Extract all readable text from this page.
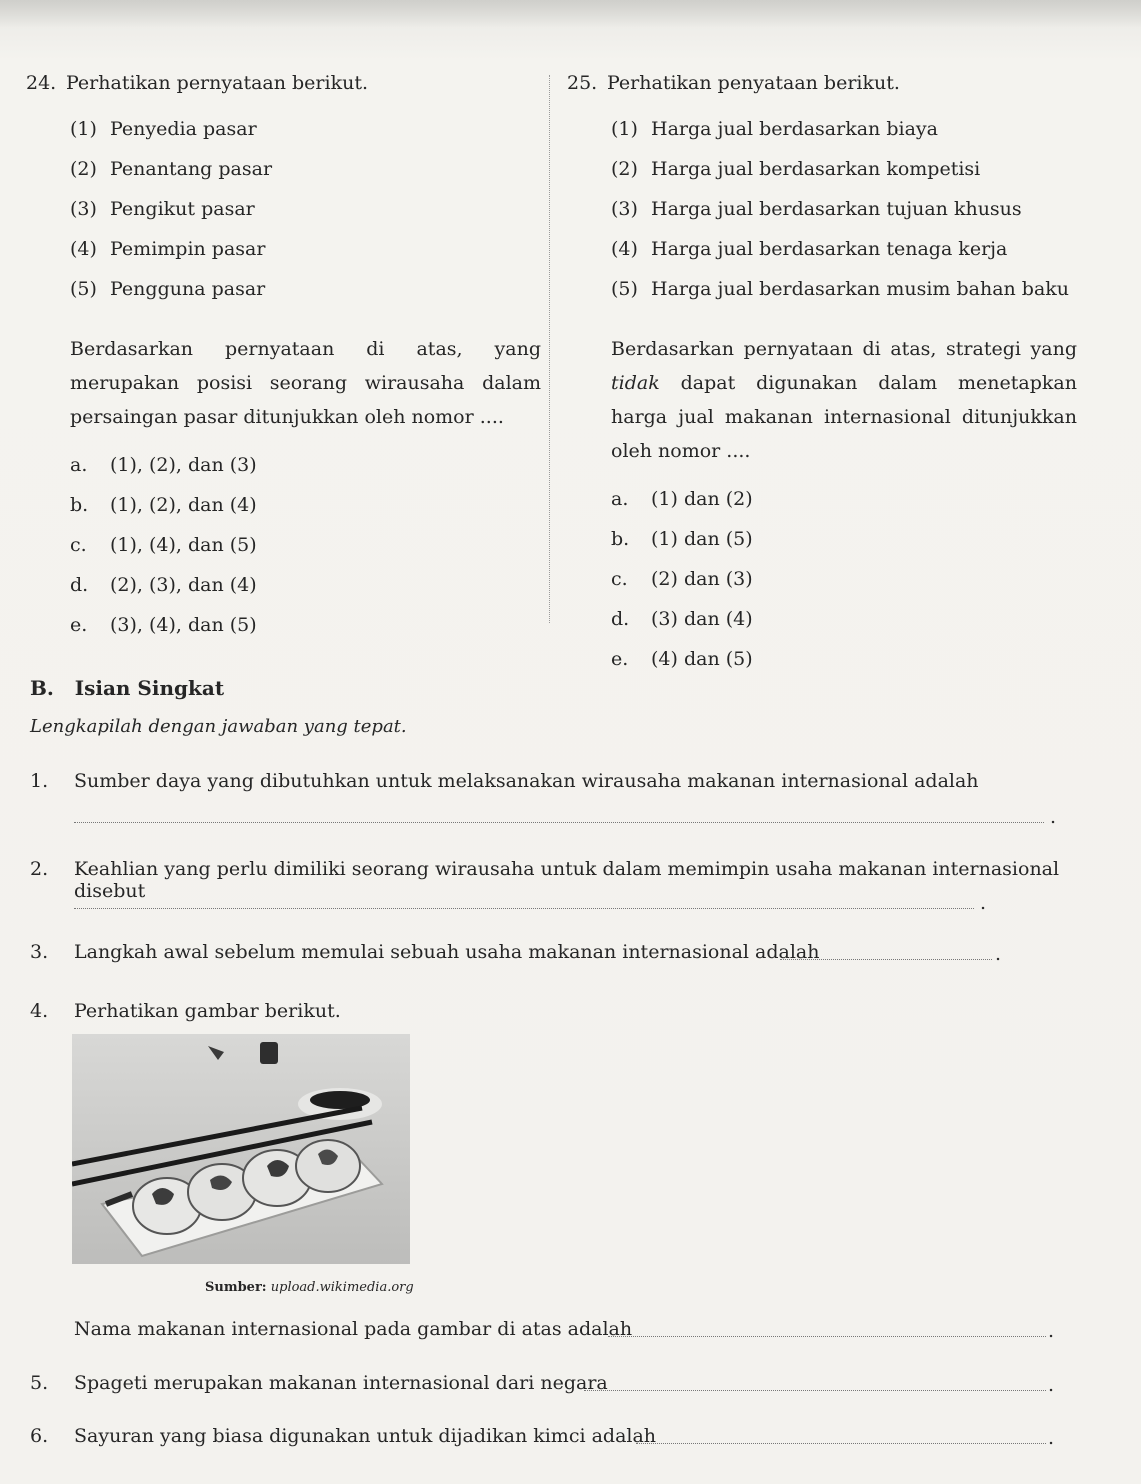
24. Perhatikan pernyataan berikut.
(1) Penyedia pasar
(2) Penantang pasar
(3) Pengikut pasar
(4) Pemimpin pasar
(5) Pengguna pasar
Berdasarkan pernyataan di atas, yang merupakan posisi seorang wirausaha dalam persaingan pasar ditunjukkan oleh nomor ....
a.	(1), (2), dan (3)
b.	(1), (2), dan (4)
c.	(1), (4), dan (5)
d.	(2), (3), dan (4)
e.	(3), (4), dan (5)
25. Perhatikan penyataan berikut.
(1) Harga jual berdasarkan biaya
(2) Harga jual berdasarkan kompetisi
(3) Harga jual berdasarkan tujuan khusus
(4) Harga jual berdasarkan tenaga kerja
(5) Harga jual berdasarkan musim bahan baku
Berdasarkan pernyataan di atas, strategi yang tidak dapat digunakan dalam menetapkan harga jual makanan internasional ditunjukkan oleh nomor ....
a.	(1) dan (2)
b.	(1) dan (5)
c.	(2) dan (3)
d.	(3) dan (4)
e.	(4) dan (5)
B.   Isian Singkat
Lengkapilah dengan jawaban yang tepat.
1.	Sumber daya yang dibutuhkan untuk melaksanakan wirausaha makanan internasional adalah
.
2.	Keahlian yang perlu dimiliki seorang wirausaha untuk dalam memimpin usaha makanan internasional disebut
.
3.	Langkah awal sebelum memulai sebuah usaha makanan internasional adalah	.
4.	Perhatikan gambar berikut.
Sumber: upload.wikimedia.org
Nama makanan internasional pada gambar di atas adalah	.
5.	Spageti merupakan makanan internasional dari negara	.
6.	Sayuran yang biasa digunakan untuk dijadikan kimci adalah	.
